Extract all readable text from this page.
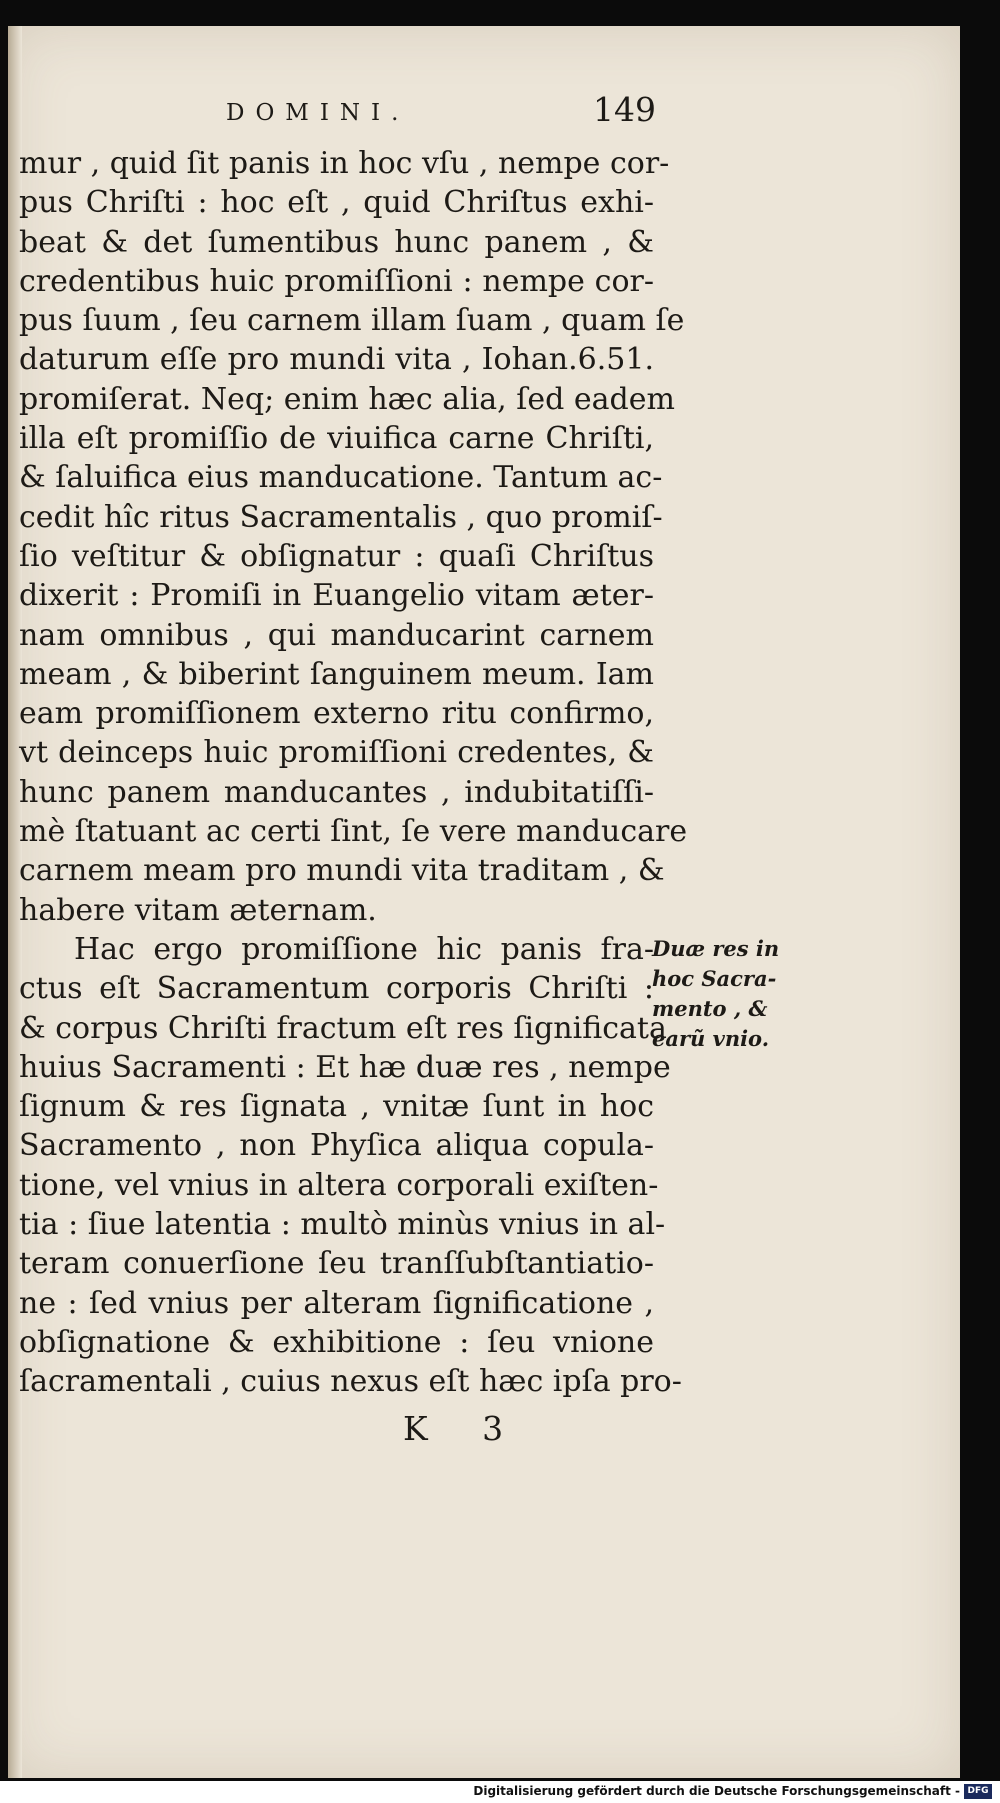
DOMINI.	149
mur , quid ſit panis in hoc vſu , nempe cor-
pus Chriſti : hoc eſt , quid Chriſtus exhi-
beat & det ſumentibus hunc panem , &
credentibus huic promiſſioni : nempe cor-
pus ſuum , ſeu carnem illam ſuam , quam ſe
daturum eſſe pro mundi vita , Iohan.6.51.
promiſerat. Neq; enim hæc alia, ſed eadem
illa eſt promiſſio de viuifica carne Chriſti,
& ſaluifica eius manducatione. Tantum ac-
cedit hîc ritus Sacramentalis , quo promiſ-
ſio veſtitur & obſignatur : quaſi Chriſtus
dixerit : Promiſi in Euangelio vitam æter-
nam omnibus , qui manducarint carnem
meam , & biberint ſanguinem meum. Iam
eam promiſſionem externo ritu confirmo,
vt deinceps huic promiſſioni credentes, &
hunc panem manducantes , indubitatiſſi-
mè ſtatuant ac certi ſint, ſe vere manducare
carnem meam pro mundi vita traditam , &
habere vitam æternam.
Hac ergo promiſſione hic panis fra-
ctus eſt Sacramentum corporis Chriſti :
& corpus Chriſti fractum eſt res ſignificata
huius Sacramenti : Et hæ duæ res , nempe
ſignum & res ſignata , vnitæ ſunt in hoc
Sacramento , non Phyſica aliqua copula-
tione, vel vnius in altera corporali exiſten-
tia : ſiue latentia : multò minùs vnius in al-
teram conuerſione ſeu tranſſubſtantiatio-
ne : ſed vnius per alteram ſignificatione ,
obſignatione & exhibitione : ſeu vnione
ſacramentali , cuius nexus eſt hæc ipſa pro-
Duæ res in
hoc Sacra-
mento , &
earũ vnio.
K 3
Digitalisierung gefördert durch die Deutsche Forschungsgemeinschaft - DFG
